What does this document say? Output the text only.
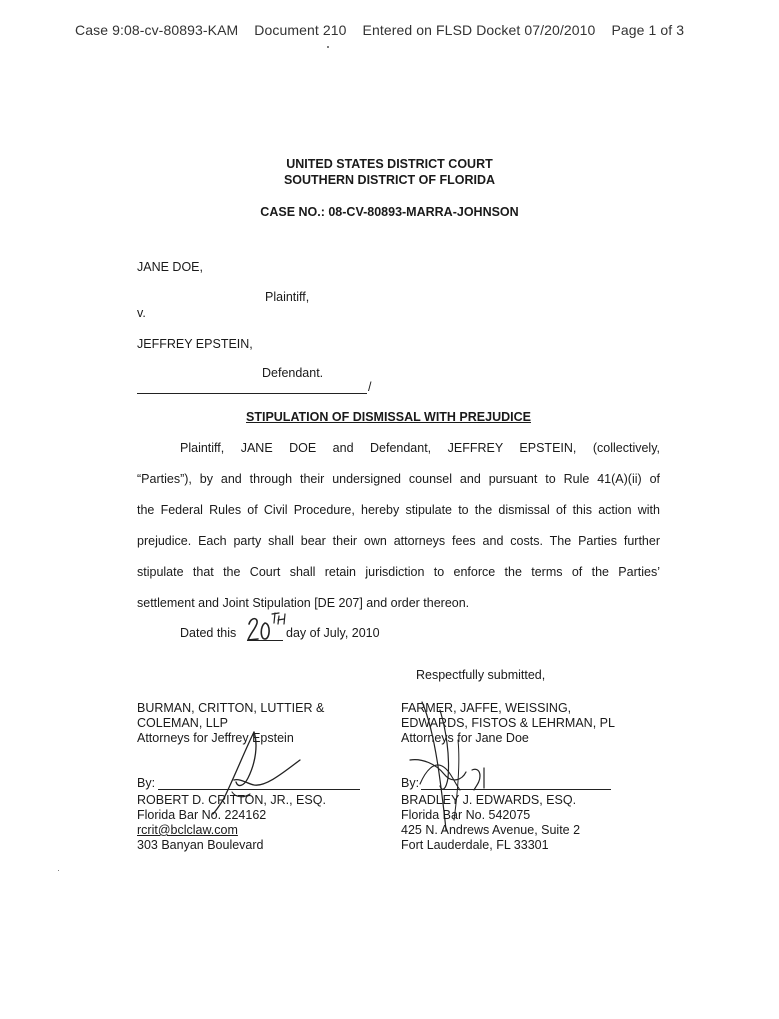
Case 9:08-cv-80893-KAM Document 210 Entered on FLSD Docket 07/20/2010 Page 1 of 3
UNITED STATES DISTRICT COURT
SOUTHERN DISTRICT OF FLORIDA
CASE NO.: 08-CV-80893-MARRA-JOHNSON
JANE DOE,
Plaintiff,
v.
JEFFREY EPSTEIN,
Defendant.
/
STIPULATION OF DISMISSAL WITH PREJUDICE
Plaintiff, JANE DOE and Defendant, JEFFREY EPSTEIN, (collectively,
“Parties”), by and through their undersigned counsel and pursuant to Rule 41(A)(ii) of
the Federal Rules of Civil Procedure, hereby stipulate to the dismissal of this action with
prejudice. Each party shall bear their own attorneys fees and costs. The Parties further
stipulate that the Court shall retain jurisdiction to enforce the terms of the Parties’
settlement and Joint Stipulation [DE 207] and order thereon.
Dated this	day of July, 2010
Respectfully submitted,
BURMAN, CRITTON, LUTTIER &
COLEMAN, LLP
Attorneys for Jeffrey Epstein
By:
ROBERT D. CRITTON, JR., ESQ.
Florida Bar No. 224162
rcrit@bclclaw.com
303 Banyan Boulevard
FARMER, JAFFE, WEISSING,
EDWARDS, FISTOS & LEHRMAN, PL
Attorneys for Jane Doe
By:
BRADLEY J. EDWARDS, ESQ.
Florida Bar No. 542075
425 N. Andrews Avenue, Suite 2
Fort Lauderdale, FL 33301
